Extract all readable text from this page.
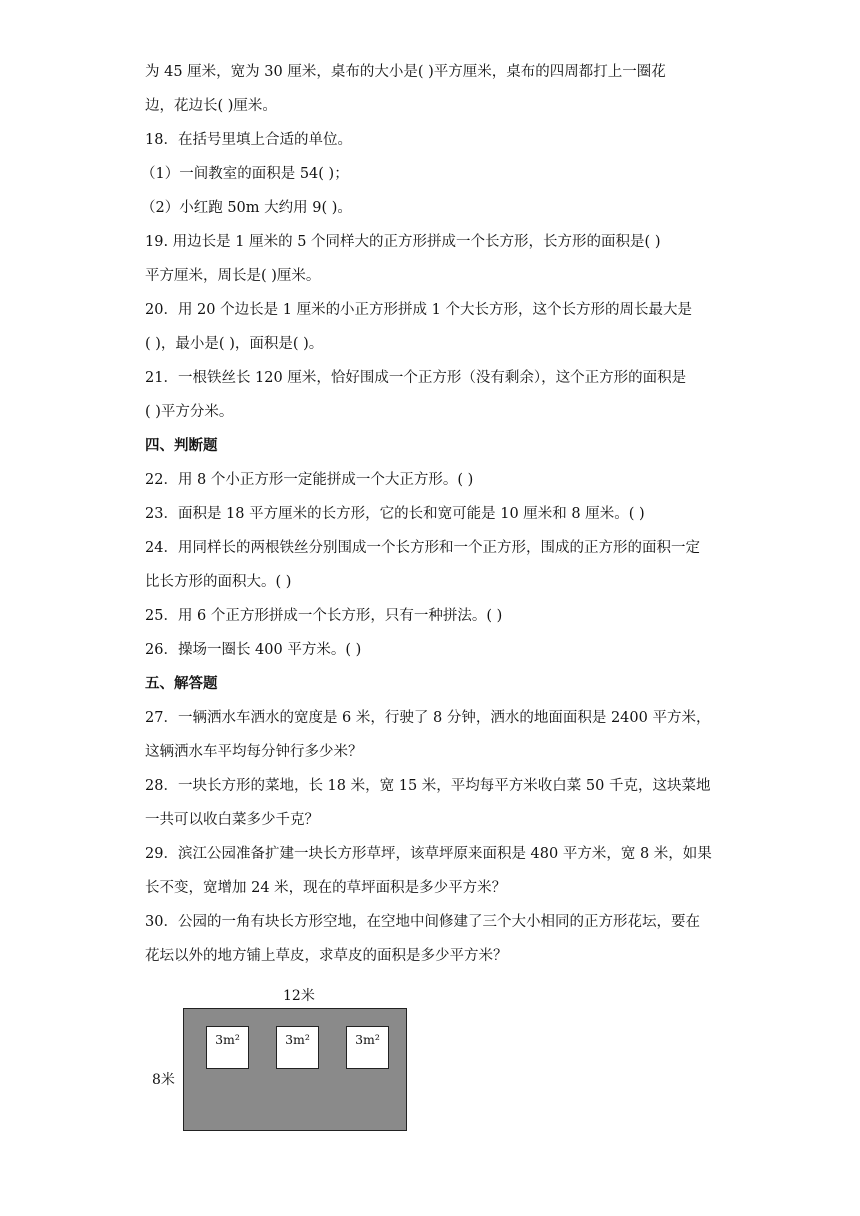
为 45 厘米，宽为 30 厘米，桌布的大小是( )平方厘米，桌布的四周都打上一圈花
边，花边长( )厘米。
18．在括号里填上合适的单位。
（1）一间教室的面积是 54( )；
（2）小红跑 50m 大约用 9( )。
19. 用边长是 1 厘米的 5 个同样大的正方形拼成一个长方形，长方形的面积是( )
平方厘米，周长是( )厘米。
20．用 20 个边长是 1 厘米的小正方形拼成 1 个大长方形，这个长方形的周长最大是
( )，最小是( )，面积是( )。
21．一根铁丝长 120 厘米，恰好围成一个正方形（没有剩余），这个正方形的面积是
( )平方分米。
四、判断题
22．用 8 个小正方形一定能拼成一个大正方形。( )
23．面积是 18 平方厘米的长方形，它的长和宽可能是 10 厘米和 8 厘米。( )
24．用同样长的两根铁丝分别围成一个长方形和一个正方形，围成的正方形的面积一定
比长方形的面积大。( )
25．用 6 个正方形拼成一个长方形，只有一种拼法。( )
26．操场一圈长 400 平方米。( )
五、解答题
27．一辆洒水车洒水的宽度是 6 米，行驶了 8 分钟，洒水的地面面积是 2400 平方米，
这辆洒水车平均每分钟行多少米？
28．一块长方形的菜地，长 18 米，宽 15 米，平均每平方米收白菜 50 千克，这块菜地
一共可以收白菜多少千克？
29．滨江公园准备扩建一块长方形草坪，该草坪原来面积是 480 平方米，宽 8 米，如果
长不变，宽增加 24 米，现在的草坪面积是多少平方米？
30．公园的一角有块长方形空地，在空地中间修建了三个大小相同的正方形花坛，要在
花坛以外的地方铺上草皮，求草皮的面积是多少平方米？
12米
8米
3m²	3m²	3m²
